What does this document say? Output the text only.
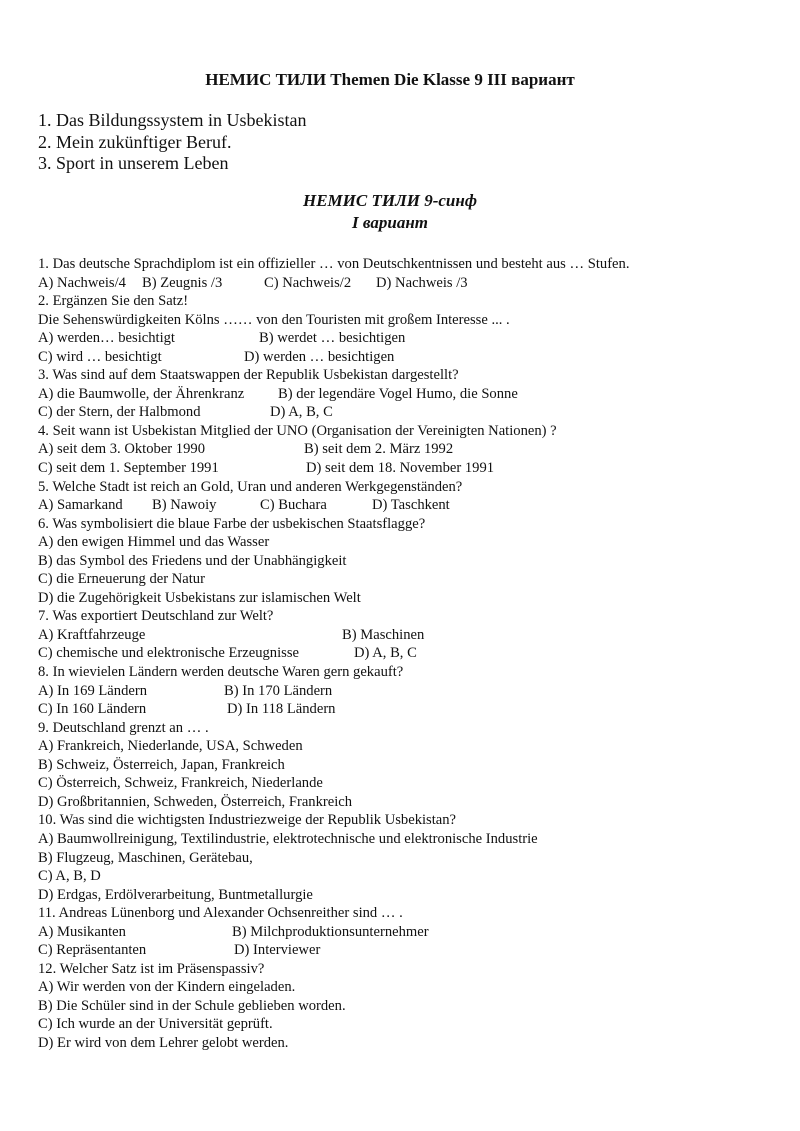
НЕМИС ТИЛИ Themen Die Klasse 9 III вариант
1. Das Bildungssystem in Usbekistan
2. Mein zukünftiger Beruf.
3. Sport in unserem Leben
НЕМИС ТИЛИ 9-синф
I вариант
1. Das deutsche Sprachdiplom ist ein offizieller … von Deutschkentnissen und besteht aus … Stufen.
A) Nachweis/4 B) Zeugnis /3	C) Nachweis/2 D) Nachweis /3
2. Ergänzen Sie den Satz!
Die Sehenswürdigkeiten Kölns …… von den Touristen mit großem Interesse ... .
A) werden… besichtigt	B) werdet … besichtigen
C) wird … besichtigt	D) werden … besichtigen
3. Was sind auf dem Staatswappen der Republik Usbekistan dargestellt?
A) die Baumwolle, der Ährenkranz B) der legendäre Vogel Humo, die Sonne
C) der Stern, der Halbmond	D) A, B, C
4. Seit wann ist Usbekistan Mitglied der UNO (Organisation der Vereinigten Nationen) ?
A) seit dem 3. Oktober 1990	B) seit dem 2. März 1992
C) seit dem 1. September 1991	D) seit dem 18. November 1991
5. Welche Stadt ist reich an Gold, Uran und anderen Werkgegenständen?
A) Samarkand B) Nawoiy	C) Buchara	D) Taschkent
6. Was symbolisiert die blaue Farbe der usbekischen Staatsflagge?
A) den ewigen Himmel und das Wasser
B) das Symbol des Friedens und der Unabhängigkeit
C) die Erneuerung der Natur
D) die Zugehörigkeit Usbekistans zur islamischen Welt
7. Was exportiert Deutschland zur Welt?
A) Kraftfahrzeuge	B) Maschinen
C) chemische und elektronische Erzeugnisse	D) A, B, C
8. In wievielen Ländern werden deutsche Waren gern gekauft?
A) In 169 Ländern	B) In 170 Ländern
C) In 160 Ländern	D) In 118 Ländern
9. Deutschland grenzt an … .
A) Frankreich, Niederlande, USA, Schweden
B) Schweiz, Österreich, Japan, Frankreich
C) Österreich, Schweiz, Frankreich, Niederlande
D) Großbritannien, Schweden, Österreich, Frankreich
10. Was sind die wichtigsten Industriezweige der Republik Usbekistan?
A) Baumwollreinigung, Textilindustrie, elektrotechnische und elektronische Industrie
B) Flugzeug, Maschinen, Gerätebau,
C) A, B, D
D) Erdgas, Erdölverarbeitung, Buntmetallurgie
11. Andreas Lünenborg und Alexander Ochsenreither sind … .
A) Musikanten	B) Milchproduktionsunternehmer
C) Repräsentanten	D) Interviewer
12. Welcher Satz ist im Präsenspassiv?
A) Wir werden von der Kindern eingeladen.
B) Die Schüler sind in der Schule geblieben worden.
C) Ich wurde an der Universität geprüft.
D) Er wird von dem Lehrer gelobt werden.
